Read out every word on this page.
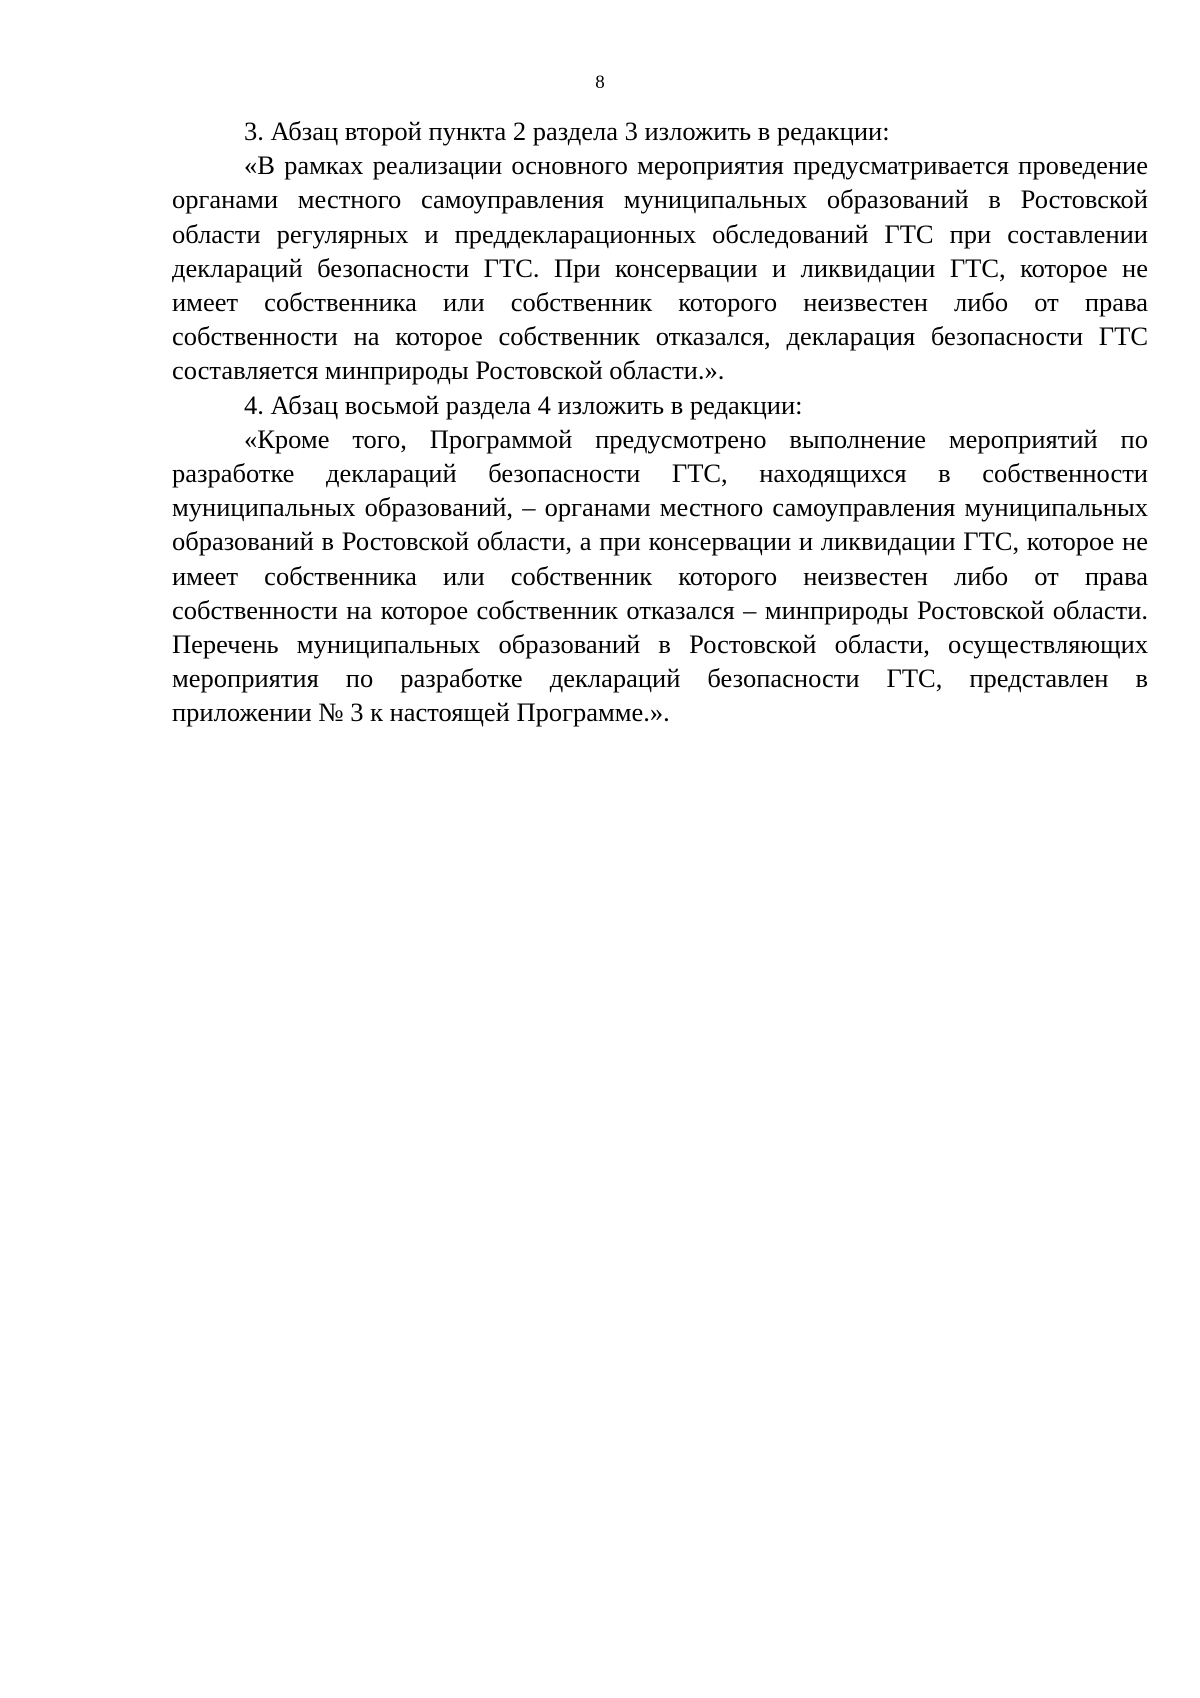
8

3. Абзац второй пункта 2 раздела 3 изложить в редакции:

«В рамках реализации основного мероприятия предусматривается проведение органами местного самоуправления муниципальных образований в Ростовской области регулярных и преддекларационных обследований ГТС при составлении деклараций безопасности ГТС. При консервации и ликвидации ГТС, которое не имеет собственника или собственник которого неизвестен либо от права собственности на которое собственник отказался, декларация безопасности ГТС составляется минприроды Ростовской области.».

4. Абзац восьмой раздела 4 изложить в редакции:

«Кроме того, Программой предусмотрено выполнение мероприятий по разработке деклараций безопасности ГТС, находящихся в собственности муниципальных образований, – органами местного самоуправления муниципальных образований в Ростовской области, а при консервации и ликвидации ГТС, которое не имеет собственника или собственник которого неизвестен либо от права собственности на которое собственник отказался – минприроды Ростовской области. Перечень муниципальных образований в Ростовской области, осуществляющих мероприятия по разработке деклараций безопасности ГТС, представлен в приложении № 3 к настоящей Программе.».
